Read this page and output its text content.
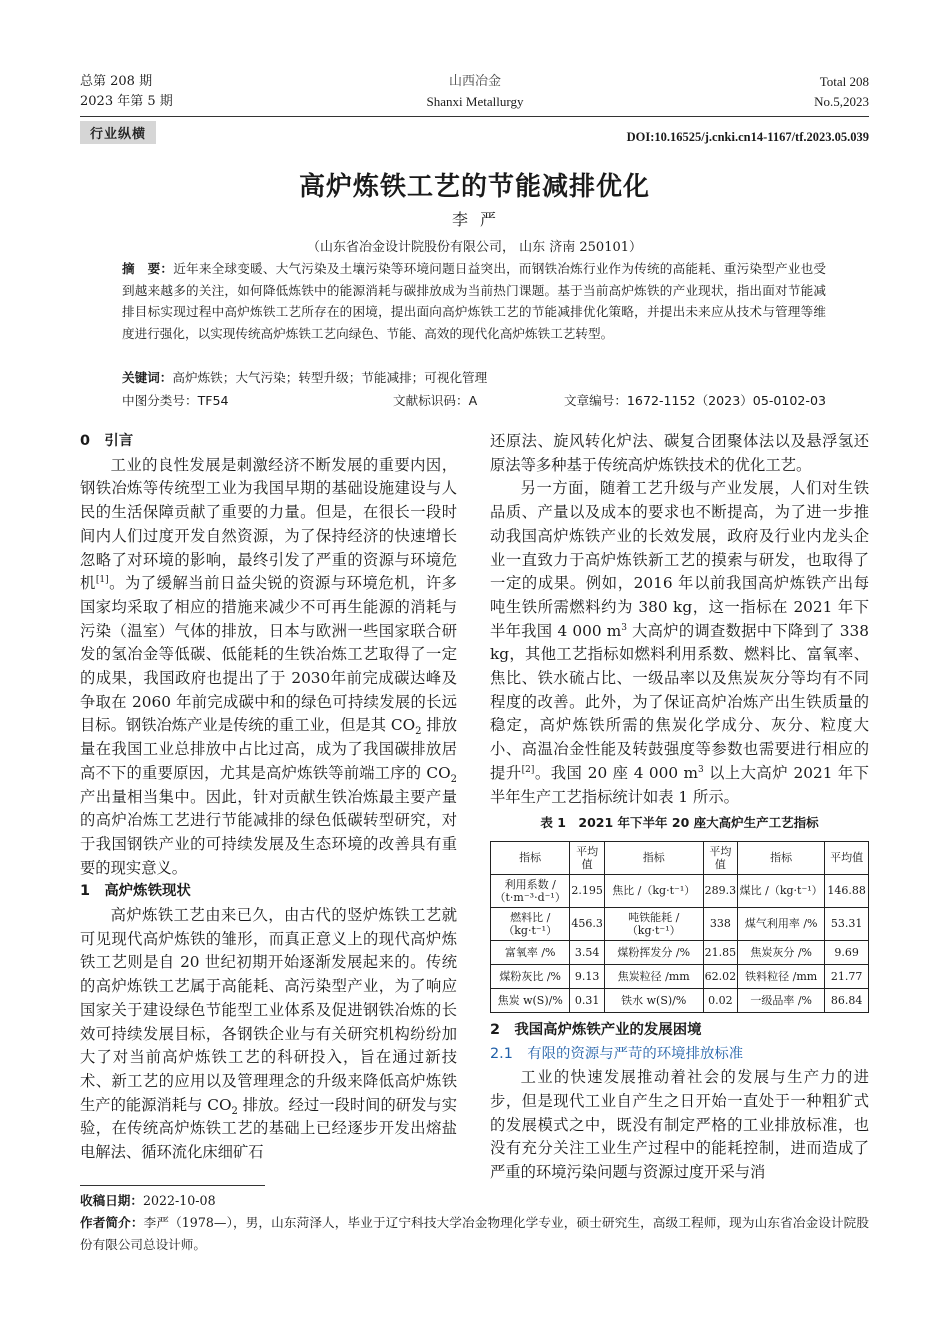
总第 208 期
2023 年第 5 期
山西冶金
Shanxi Metallurgy
Total 208
No.5,2023
行业纵横	DOI:10.16525/j.cnki.cn14-1167/tf.2023.05.039
高炉炼铁工艺的节能减排优化
李严
（山东省冶金设计院股份有限公司， 山东 济南 250101）
摘　要：近年来全球变暖、大气污染及土壤污染等环境问题日益突出，而钢铁冶炼行业作为传统的高能耗、重污染型产业也受到越来越多的关注，如何降低炼铁中的能源消耗与碳排放成为当前热门课题。基于当前高炉炼铁的产业现状，指出面对节能减排目标实现过程中高炉炼铁工艺所存在的困境，提出面向高炉炼铁工艺的节能减排优化策略，并提出未来应从技术与管理等维度进行强化，以实现传统高炉炼铁工艺向绿色、节能、高效的现代化高炉炼铁工艺转型。
关键词：高炉炼铁；大气污染；转型升级；节能减排；可视化管理
中图分类号：TF54	文献标识码：A	文章编号：1672-1152（2023）05-0102-03
0　引言

工业的良性发展是刺激经济不断发展的重要内因，钢铁冶炼等传统型工业为我国早期的基础设施建设与人民的生活保障贡献了重要的力量。但是，在很长一段时间内人们过度开发自然资源，为了保持经济的快速增长忽略了对环境的影响，最终引发了严重的资源与环境危机[1]。为了缓解当前日益尖锐的资源与环境危机，许多国家均采取了相应的措施来减少不可再生能源的消耗与污染（温室）气体的排放，日本与欧洲一些国家联合研发的氢冶金等低碳、低能耗的生铁冶炼工艺取得了一定的成果，我国政府也提出了于 2030年前完成碳达峰及争取在 2060 年前完成碳中和的绿色可持续发展的长远目标。钢铁冶炼产业是传统的重工业，但是其 $CO_2$ 排放量在我国工业总排放中占比过高，成为了我国碳排放居高不下的重要原因，尤其是高炉炼铁等前端工序的 $CO_2$ 产出量相当集中。因此，针对贡献生铁冶炼最主要产量的高炉冶炼工艺进行节能减排的绿色低碳转型研究，对于我国钢铁产业的可持续发展及生态环境的改善具有重要的现实意义。

1　高炉炼铁现状

高炉炼铁工艺由来已久，由古代的竖炉炼铁工艺就可见现代高炉炼铁的雏形，而真正意义上的现代高炉炼铁工艺则是自 20 世纪初期开始逐渐发展起来的。传统的高炉炼铁工艺属于高能耗、高污染型产业，为了响应国家关于建设绿色节能型工业体系及促进钢铁冶炼的长效可持续发展目标，各钢铁企业与有关研究机构纷纷加大了对当前高炉炼铁工艺的科研投入，旨在通过新技术、新工艺的应用以及管理理念的升级来降低高炉炼铁生产的能源消耗与 $CO_2$ 排放。经过一段时间的研发与实验，在传统高炉炼铁工艺的基础上已经逐步开发出熔盐电解法、循环流化床细矿石

还原法、旋风转化炉法、碳复合团聚体法以及悬浮氢还原法等多种基于传统高炉炼铁技术的优化工艺。

另一方面，随着工艺升级与产业发展，人们对生铁品质、产量以及成本的要求也不断提高，为了进一步推动我国高炉炼铁产业的长效发展，政府及行业内龙头企业一直致力于高炉炼铁新工艺的摸索与研发，也取得了一定的成果。例如，2016 年以前我国高炉炼铁产出每吨生铁所需燃料约为 380 kg，这一指标在 2021 年下半年我国 4 000 $m^3$ 大高炉的调查数据中下降到了 338 kg，其他工艺指标如燃料利用系数、燃料比、富氧率、焦比、铁水硫占比、一级品率以及焦炭灰分等均有不同程度的改善。此外，为了保证高炉冶炼产出生铁质量的稳定，高炉炼铁所需的焦炭化学成分、灰分、粒度大小、高温冶金性能及转鼓强度等参数也需要进行相应的提升[2]。我国 20 座 4 000 $m^3$ 以上大高炉 2021 年下半年生产工艺指标统计如表 1 所示。

表 1　2021 年下半年 20 座大高炉生产工艺指标
指标	平均值	指标	平均值	指标	平均值
利用系数 /（t·m⁻³·d⁻¹）	2.195	焦比 /（kg·t⁻¹）	289.3	煤比 /（kg·t⁻¹）	146.88
燃料比 /（kg·t⁻¹）	456.3	吨铁能耗 /（kg·t⁻¹）	338	煤气利用率 /%	53.31
富氧率 /%	3.54	煤粉挥发分 /%	21.85	焦炭灰分 /%	9.69
煤粉灰比 /%	9.13	焦炭粒径 /mm	62.02	铁料粒径 /mm	21.77
焦炭 w(S)/%	0.31	铁水 w(S)/%	0.02	一级品率 /%	86.84
2　我国高炉炼铁产业的发展困境
2.1　有限的资源与严苛的环境排放标准

工业的快速发展推动着社会的发展与生产力的进步，但是现代工业自产生之日开始一直处于一种粗犷式的发展模式之中，既没有制定严格的工业排放标准，也没有充分关注工业生产过程中的能耗控制，进而造成了严重的环境污染问题与资源过度开采与消

收稿日期：2022-10-08
作者简介：李严（1978—），男，山东菏泽人，毕业于辽宁科技大学冶金物理化学专业，硕士研究生，高级工程师，现为山东省冶金设计院股份有限公司总设计师。
